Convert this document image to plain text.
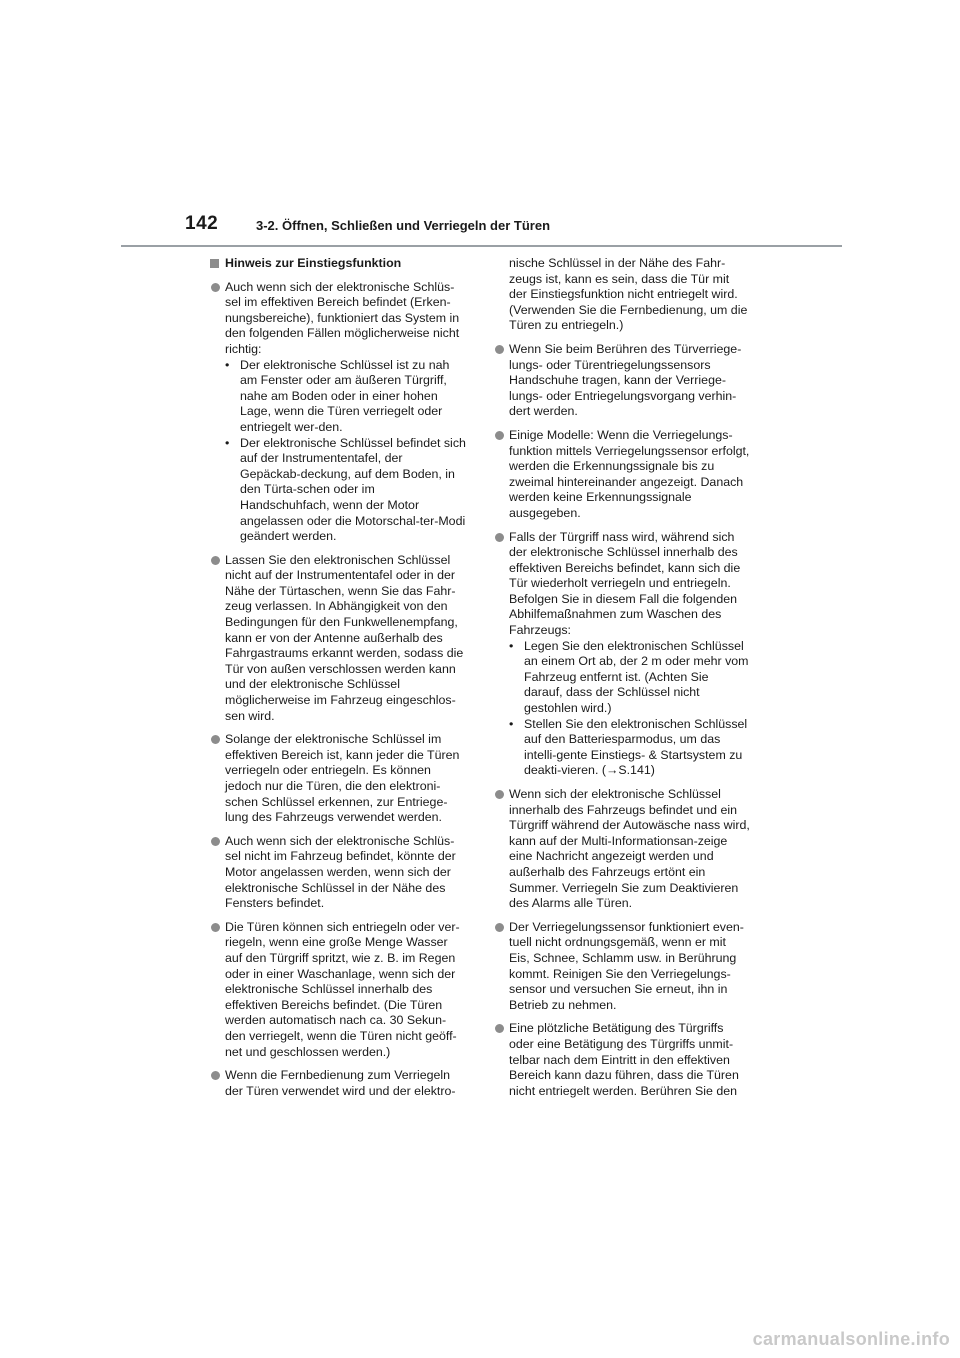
142	3-2. Öffnen, Schließen und Verriegeln der Türen
Hinweis zur Einstiegsfunktion
Auch wenn sich der elektronische Schlüs-sel im effektiven Bereich befindet (Erken-nungsbereiche), funktioniert das System in den folgenden Fällen möglicherweise nicht richtig:
• Der elektronische Schlüssel ist zu nah am Fenster oder am äußeren Türgriff, nahe am Boden oder in einer hohen Lage, wenn die Türen verriegelt oder entriegelt wer-den.
• Der elektronische Schlüssel befindet sich auf der Instrumententafel, der Gepäckab-deckung, auf dem Boden, in den Türta-schen oder im Handschuhfach, wenn der Motor angelassen oder die Motorschal-ter-Modi geändert werden.
Lassen Sie den elektronischen Schlüssel nicht auf der Instrumententafel oder in der Nähe der Türtaschen, wenn Sie das Fahr-zeug verlassen. In Abhängigkeit von den Bedingungen für den Funkwellenempfang, kann er von der Antenne außerhalb des Fahrgastraums erkannt werden, sodass die Tür von außen verschlossen werden kann und der elektronische Schlüssel möglicherweise im Fahrzeug eingeschlos-sen wird.
Solange der elektronische Schlüssel im effektiven Bereich ist, kann jeder die Türen verriegeln oder entriegeln. Es können jedoch nur die Türen, die den elektroni-schen Schlüssel erkennen, zur Entriege-lung des Fahrzeugs verwendet werden.
Auch wenn sich der elektronische Schlüs-sel nicht im Fahrzeug befindet, könnte der Motor angelassen werden, wenn sich der elektronische Schlüssel in der Nähe des Fensters befindet.
Die Türen können sich entriegeln oder ver-riegeln, wenn eine große Menge Wasser auf den Türgriff spritzt, wie z. B. im Regen oder in einer Waschanlage, wenn sich der elektronische Schlüssel innerhalb des effektiven Bereichs befindet. (Die Türen werden automatisch nach ca. 30 Sekun-den verriegelt, wenn die Türen nicht geöff-net und geschlossen werden.)
Wenn die Fernbedienung zum Verriegeln der Türen verwendet wird und der elektro-
nische Schlüssel in der Nähe des Fahr-zeugs ist, kann es sein, dass die Tür mit der Einstiegsfunktion nicht entriegelt wird. (Verwenden Sie die Fernbedienung, um die Türen zu entriegeln.)
Wenn Sie beim Berühren des Türverriege-lungs- oder Türentriegelungssensors Handschuhe tragen, kann der Verriege-lungs- oder Entriegelungsvorgang verhin-dert werden.
Einige Modelle: Wenn die Verriegelungs-funktion mittels Verriegelungssensor erfolgt, werden die Erkennungssignale bis zu zweimal hintereinander angezeigt. Danach werden keine Erkennungssignale ausgegeben.
Falls der Türgriff nass wird, während sich der elektronische Schlüssel innerhalb des effektiven Bereichs befindet, kann sich die Tür wiederholt verriegeln und entriegeln. Befolgen Sie in diesem Fall die folgenden Abhilfemaßnahmen zum Waschen des Fahrzeugs:
• Legen Sie den elektronischen Schlüssel an einem Ort ab, der 2 m oder mehr vom Fahrzeug entfernt ist. (Achten Sie darauf, dass der Schlüssel nicht gestohlen wird.)
• Stellen Sie den elektronischen Schlüssel auf den Batteriesparmodus, um das intelli-gente Einstiegs- & Startsystem zu deakti-vieren. (→S.141)
Wenn sich der elektronische Schlüssel innerhalb des Fahrzeugs befindet und ein Türgriff während der Autowäsche nass wird, kann auf der Multi-Informationsan-zeige eine Nachricht angezeigt werden und außerhalb des Fahrzeugs ertönt ein Summer. Verriegeln Sie zum Deaktivieren des Alarms alle Türen.
Der Verriegelungssensor funktioniert even-tuell nicht ordnungsgemäß, wenn er mit Eis, Schnee, Schlamm usw. in Berührung kommt. Reinigen Sie den Verriegelungs-sensor und versuchen Sie erneut, ihn in Betrieb zu nehmen.
Eine plötzliche Betätigung des Türgriffs oder eine Betätigung des Türgriffs unmit-telbar nach dem Eintritt in den effektiven Bereich kann dazu führen, dass die Türen nicht entriegelt werden. Berühren Sie den
carmanualsonline.info
